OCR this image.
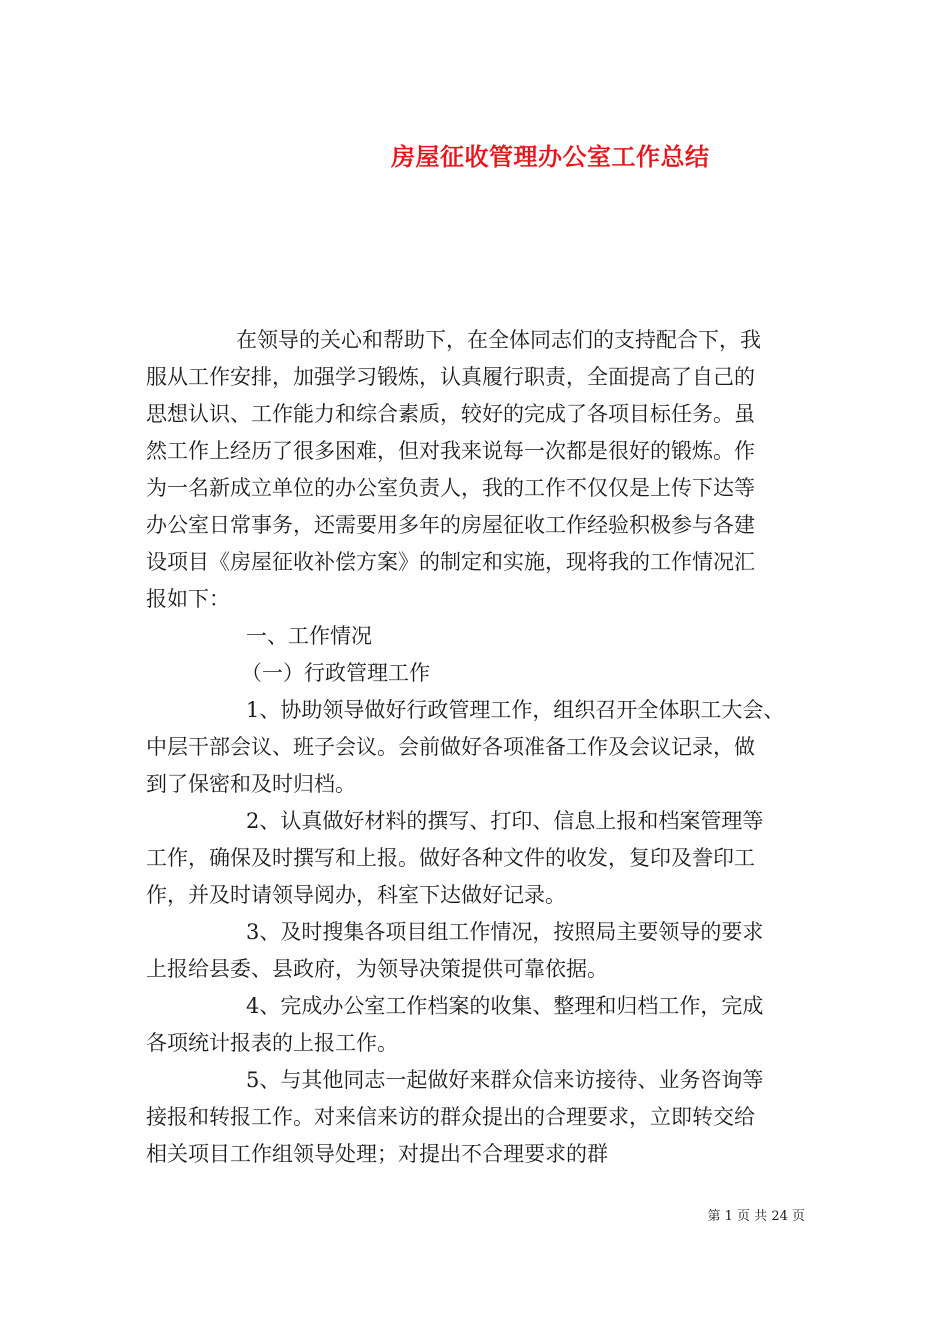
房屋征收管理办公室工作总结
在领导的关心和帮助下，在全体同志们的支持配合下，我
服从工作安排，加强学习锻炼，认真履行职责，全面提高了自己的
思想认识、工作能力和综合素质，较好的完成了各项目标任务。虽
然工作上经历了很多困难，但对我来说每一次都是很好的锻炼。作
为一名新成立单位的办公室负责人，我的工作不仅仅是上传下达等
办公室日常事务，还需要用多年的房屋征收工作经验积极参与各建
设项目《房屋征收补偿方案》的制定和实施，现将我的工作情况汇
报如下：
一、工作情况
（一）行政管理工作
1、协助领导做好行政管理工作，组织召开全体职工大会、
中层干部会议、班子会议。会前做好各项准备工作及会议记录，做
到了保密和及时归档。
2、认真做好材料的撰写、打印、信息上报和档案管理等
工作，确保及时撰写和上报。做好各种文件的收发，复印及誊印工
作，并及时请领导阅办，科室下达做好记录。
3、及时搜集各项目组工作情况，按照局主要领导的要求
上报给县委、县政府，为领导决策提供可靠依据。
4、完成办公室工作档案的收集、整理和归档工作，完成
各项统计报表的上报工作。
5、与其他同志一起做好来群众信来访接待、业务咨询等
接报和转报工作。对来信来访的群众提出的合理要求，立即转交给
相关项目工作组领导处理；对提出不合理要求的群
第 1 页 共 24 页
